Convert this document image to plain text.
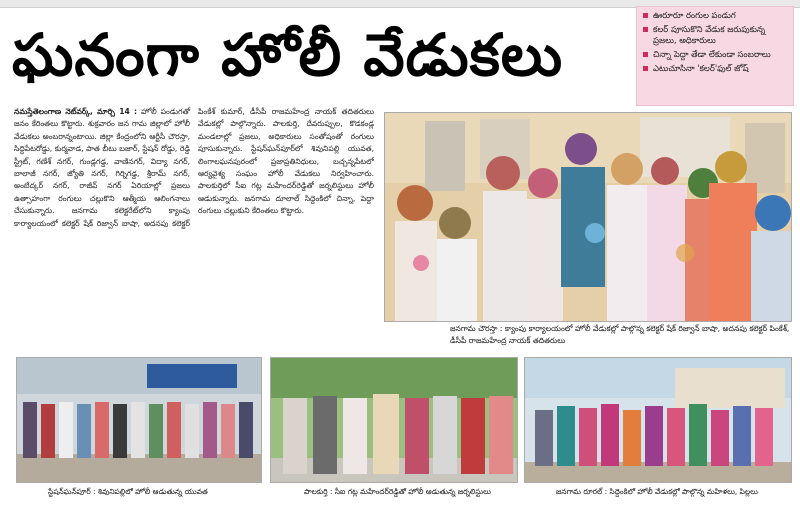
ఘనంగా హోలీ వేడుకలు
ఊరూరూ రంగుల పండుగ
కలర్ పూసుకొని వేడుక జరుపుకున్న ప్రజలు, అధికారులు
చిన్నా పెద్దా తేడా లేకుండా సంబరాలు
ఎటుచూసినా 'కలర్'ఫుల్ జోష్
నమస్తేతెలంగాణ నెట్‌వర్క్, మార్చి 14 : హోలీ పండుగతో జనం కేరింతలు కొట్టారు. శుక్రవారం జన గామ జిల్లాలో హోలీ వేడుకలు అంబరాన్నంటాయి. జిల్లా కేంద్రంలోని ఆర్టీసీ చౌరస్తా, సిద్ధిపేటరోడ్డు, కుర్మవాడ, పాత బీటు బజార్, స్టేషన్ రోడ్డు, రెడ్డి స్ట్రీట్, గణేశ్ నగర్, గుండ్లగడ్డ, వాణినగర్, విద్యా నగర్, బాలాజీ నగర్, జ్యోతి నగర్, గిర్నిగడ్డ, శ్రీరామ్ నగర్, అంబేద్కర్ నగర్, రాజీవ్ నగర్ ఏరియాల్లో ప్రజలు ఉత్సాహంగా రంగులు చల్లుకొని ఆత్మీయ ఆలింగనాలు చేసుకున్నారు. జనగామ కలెక్టరేట్‌లోని క్యాంపు కార్యాలయంలో కలెక్టర్ షేక్ రిజ్వాన్ బాషా, అదనపు కలెక్టర్ పింకేశ్ కుమార్, డీసీపీ రాజమహేంద్ర నాయక్ తదితరులు వేడుకల్లో పాల్గొన్నారు. పాలకుర్తి, దేవరుప్పుల, కొడకండ్ల మండలాల్లో ప్రజలు, అధికారులు సంతోషంతో రంగులు పూసుకున్నారు. స్టేషన్‌ఘన్‌పూర్‌లో శివునిపల్లి యువత, లింగాలఘనపురంలో ప్రజాప్రతినిధులు, బచ్చన్నపేటలో ఆర్యవైశ్య సంఘం హోలీ వేడుకలు నిర్వహించారు. పాలకుర్తిలో సీఐ గట్ల మహేందర్‌రెడ్డితో జర్నలిస్టులు హోలీ ఆడుకున్నారు. జనగామ దూలాల్ సిద్దెంకిలో చిన్నా, పెద్దా రంగులు చల్లుకుని కేరింతలు కొట్టారు.
జనగామ చౌరస్తా : క్యాంపు కార్యాలయంలో హోలీ వేడుకల్లో పాల్గొన్న కలెక్టర్ షేక్ రిజ్వాన్ బాషా, అదనపు కలెక్టర్ పింకేశ్, డీసీపీ రాజమహేంద్ర నాయక్ తదితరులు
స్టేషన్‌ఘన్‌పూర్ : శివునిపల్లిలో హోలీ ఆడుతున్న యువత	పాలకుర్తి : సీఐ గట్ల మహేందర్‌రెడ్డితో హోలీ ఆడుతున్న జర్నలిస్టులు	జనగామ రూరల్ : సిద్దెంకిలో హోలీ వేడుకల్లో పాల్గొన్న మహిళలు, పిల్లలు
